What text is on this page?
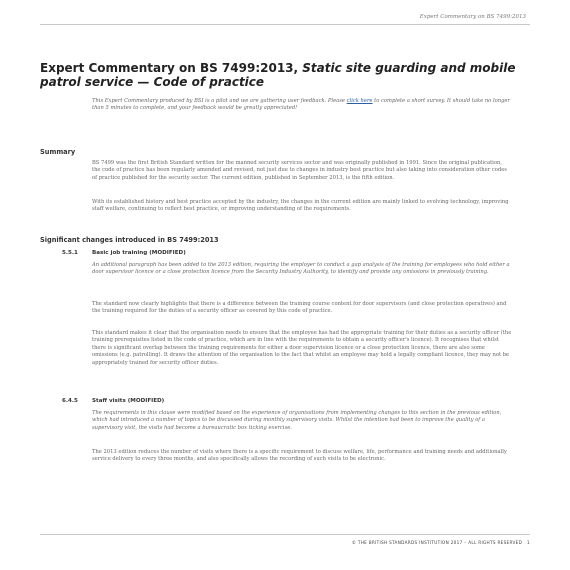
Expert Commentary on BS 7499:2013
Expert Commentary on BS 7499:2013, Static site guarding and mobile patrol service — Code of practice

This Expert Commentary produced by BSI is a pilot and we are gathering user feedback. Please click here to complete a short survey. It should take no longer than 5 minutes to complete, and your feedback would be greatly appreciated!

Summary

BS 7499 was the first British Standard written for the manned security services sector and was originally published in 1991. Since the original publication, the code of practice has been regularly amended and revised, not just due to changes in industry best practice but also taking into consideration other codes of practice published for the security sector. The current edition, published in September 2013, is the fifth edition.

With its established history and best practice accepted by the industry, the changes in the current edition are mainly linked to evolving technology, improving staff welfare, continuing to reflect best practice, or improving understanding of the requirements.

Significant changes introduced in BS 7499:2013
5.5.1	Basic job training (MODIFIED)

An additional paragraph has been added to the 2013 edition, requiring the employer to conduct a gap analysis of the training for employees who hold either a door supervisor licence or a close protection licence from the Security Industry Authority, to identify and provide any omissions in previously training.

The standard now clearly highlights that there is a difference between the training course content for door supervisors (and close protection operatives) and the training required for the duties of a security officer as covered by this code of practice.

This standard makes it clear that the organisation needs to ensure that the employee has had the appropriate training for their duties as a security officer (the training prerequisites listed in the code of practice, which are in line with the requirements to obtain a security officer's licence). It recognises that whilst there is significant overlap between the training requirements for either a door supervision licence or a close protection licence, there are also some omissions (e.g. patrolling). It draws the attention of the organisation to the fact that whilst an employee may hold a legally compliant licence, they may not be appropriately trained for security officer duties.

6.4.5	Staff visits (MODIFIED)

The requirements in this clause were modified based on the experience of organisations from implementing changes to this section in the previous edition, which had introduced a number of topics to be discussed during monthly supervisory visits. Whilst the intention had been to improve the quality of a supervisory visit, the visits had become a bureaucratic box ticking exercise.

The 2013 edition reduces the number of visits where there is a specific requirement to discuss welfare, life, performance and training needs and additionally service delivery to every three months, and also specifically allows the recording of such visits to be electronic.

© THE BRITISH STANDARDS INSTITUTION 2017 – ALL RIGHTS RESERVED 1
